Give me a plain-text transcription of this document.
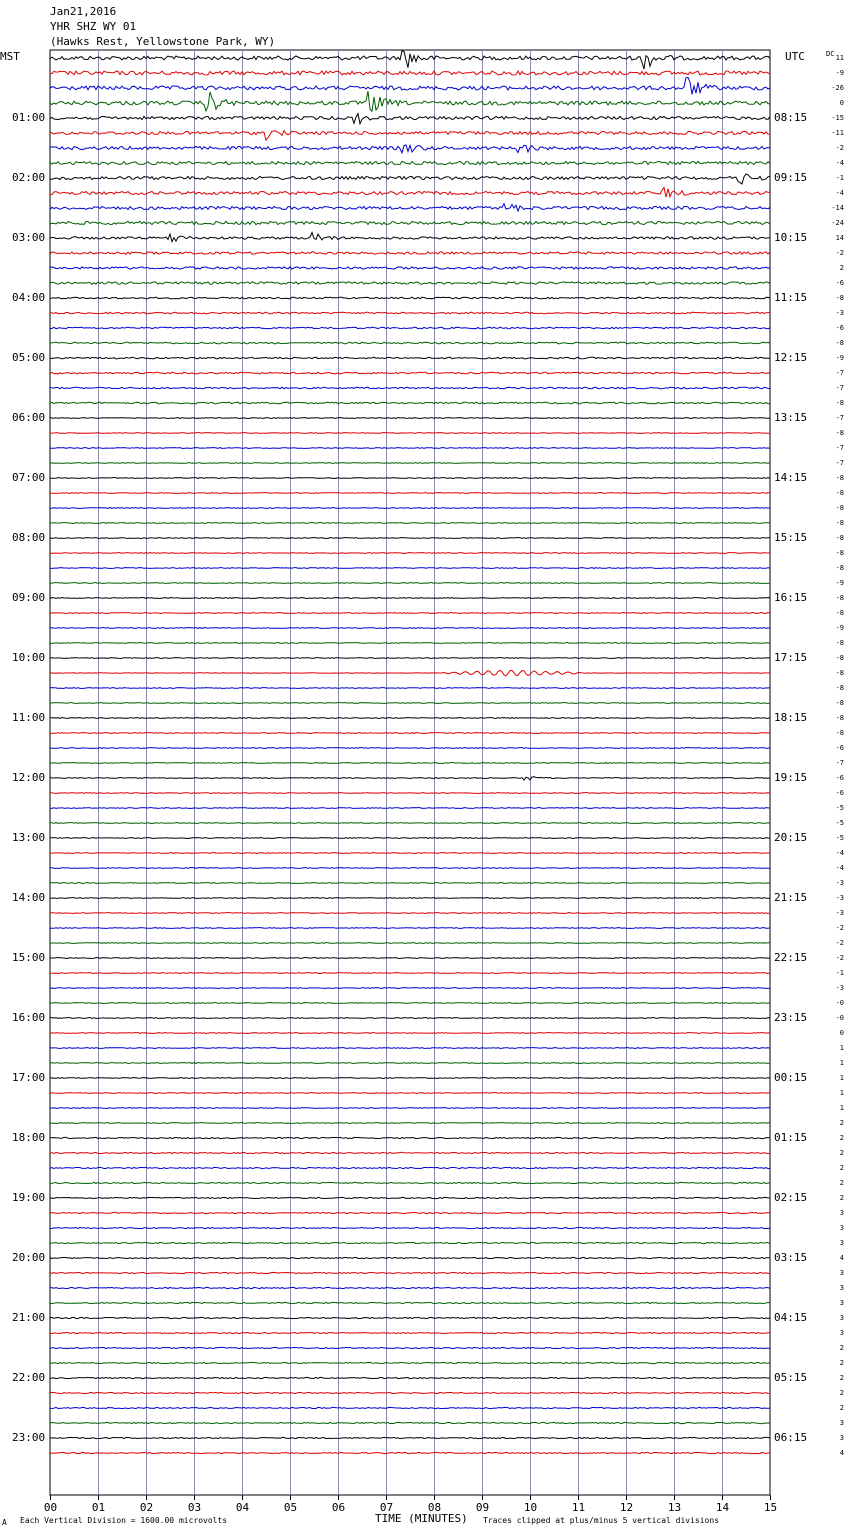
Jan21,2016
YHR SHZ WY 01
(Hawks Rest, Yellowstone Park, WY)
MST	UTC	DC
00	01	02	03	04	05	06	07	08	09	10	11	12	13	14	15
01:00
02:00
03:00
04:00
05:00
06:00
07:00
08:00
09:00
10:00
11:00
12:00
13:00
14:00
15:00
16:00
17:00
18:00
19:00
20:00
21:00
22:00
23:00
08:15
09:15
10:15
11:15
12:15
13:15
14:15
15:15
16:15
17:15
18:15
19:15
20:15
21:15
22:15
23:15
00:15
01:15
02:15
03:15
04:15
05:15
06:15
11
-9
-26
0
-15
-11
-2
-4
-1
-4
-14
-24
14
-2
2
-6
-8
-3
-6
-8
-9
-7
-7
-8
-7
-8
-7
-7
-8
-8
-8
-8
-8
-8
-8
-9
-8
-8
-9
-8
-8
-8
-8
-8
-8
-8
-6
-7
-6
-6
-5
-5
-5
-4
-4
-3
-3
-3
-2
-2
-2
-1
-3
-0
-0
0
1
1
1
1
1
2
2
2
2
2
2
3
3
3
4
3
3
3
3
3
2
2
2
2
2
3
3
4
A Each Vertical Division = 1600.00 microvolts	TIME (MINUTES) Traces clipped at plus/minus 5 vertical divisions
